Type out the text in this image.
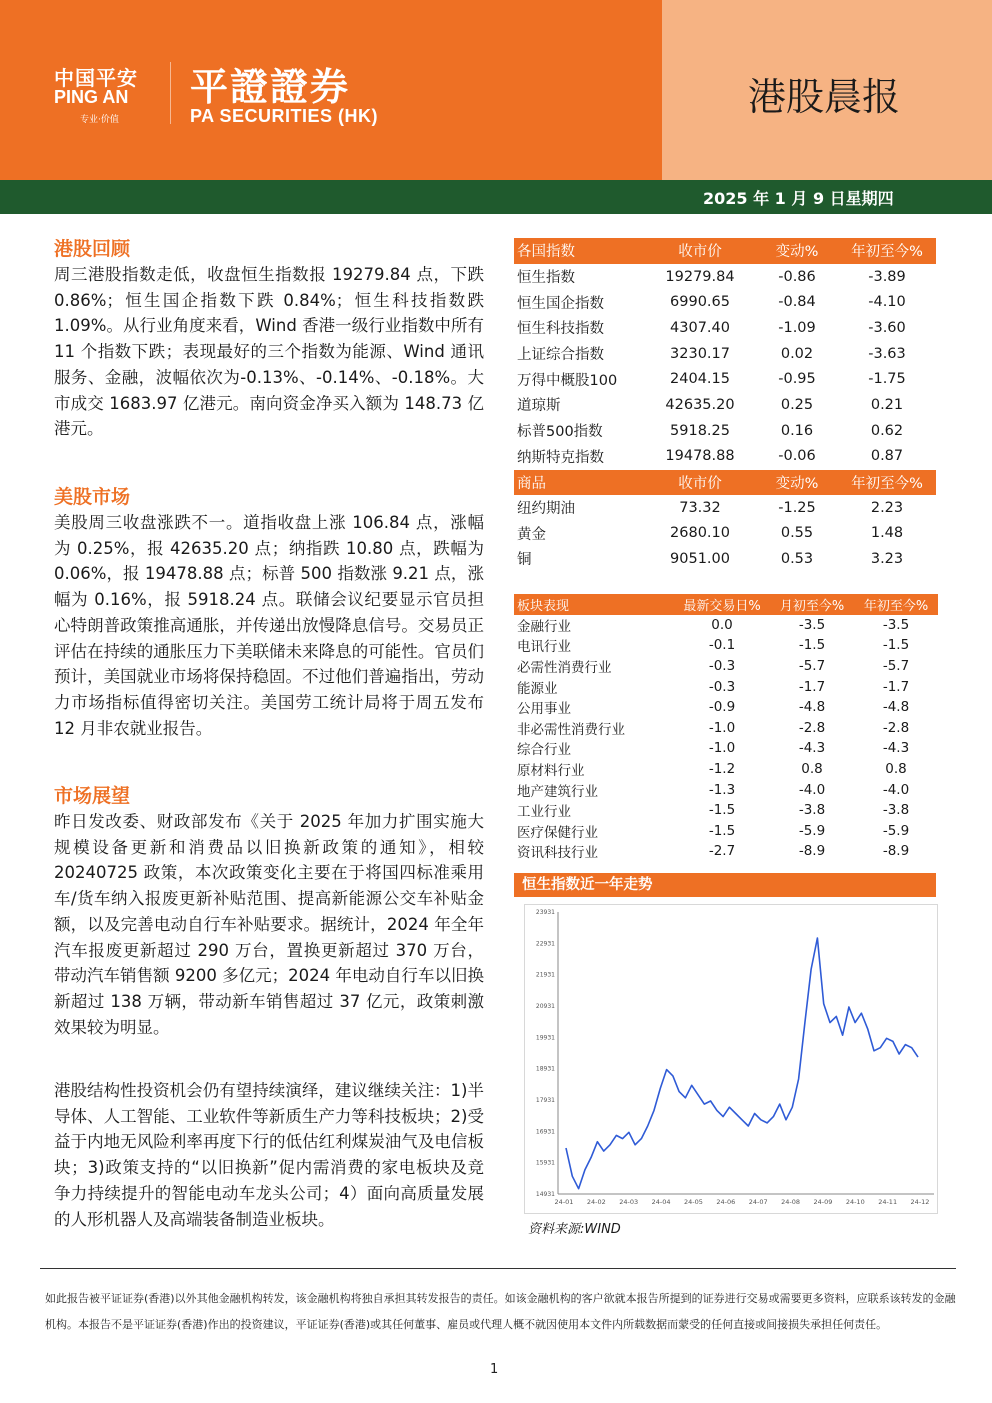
中国平安
PING AN
专业·价值
平證證券
PA SECURITIES (HK)	港股晨报
2025 年 1 月 9 日星期四
港股回顾
周三港股指数走低，收盘恒生指数报 19279.84 点，下跌 0.86%；恒生国企指数下跌 0.84%；恒生科技指数跌 1.09%。从行业角度来看，Wind 香港一级行业指数中所有 11 个指数下跌；表现最好的三个指数为能源、Wind 通讯服务、金融，波幅依次为-0.13%、-0.14%、-0.18%。大市成交 1683.97 亿港元。南向资金净买入额为 148.73 亿港元。
美股市场
美股周三收盘涨跌不一。道指收盘上涨 106.84 点，涨幅为 0.25%，报 42635.20 点；纳指跌 10.80 点，跌幅为 0.06%，报 19478.88 点；标普 500 指数涨 9.21 点，涨幅为 0.16%，报 5918.24 点。联储会议纪要显示官员担心特朗普政策推高通胀，并传递出放慢降息信号。交易员正评估在持续的通胀压力下美联储未来降息的可能性。官员们预计，美国就业市场将保持稳固。不过他们普遍指出，劳动力市场指标值得密切关注。美国劳工统计局将于周五发布 12 月非农就业报告。
市场展望
昨日发改委、财政部发布《关于 2025 年加力扩围实施大规模设备更新和消费品以旧换新政策的通知》，相较 20240725 政策，本次政策变化主要在于将国四标准乘用车/货车纳入报废更新补贴范围、提高新能源公交车补贴金额，以及完善电动自行车补贴要求。据统计，2024 年全年汽车报废更新超过 290 万台，置换更新超过 370 万台，带动汽车销售额 9200 多亿元；2024 年电动自行车以旧换新超过 138 万辆，带动新车销售超过 37 亿元，政策刺激效果较为明显。
港股结构性投资机会仍有望持续演绎，建议继续关注：1)半导体、人工智能、工业软件等新质生产力等科技板块；2)受益于内地无风险利率再度下行的低估红利煤炭油气及电信板块；3)政策支持的“以旧换新”促内需消费的家电板块及竞争力持续提升的智能电动车龙头公司；4）面向高质量发展的人形机器人及高端装备制造业板块。
各国指数	收市价	变动%	年初至今%
恒生指数	19279.84	-0.86	-3.89
恒生国企指数	6990.65	-0.84	-4.10
恒生科技指数	4307.40	-1.09	-3.60
上证综合指数	3230.17	0.02	-3.63
万得中概股100	2404.15	-0.95	-1.75
道琼斯	42635.20	0.25	0.21
标普500指数	5918.25	0.16	0.62
纳斯特克指数	19478.88	-0.06	0.87
商品	收市价	变动%	年初至今%
纽约期油	73.32	-1.25	2.23
黄金	2680.10	0.55	1.48
铜	9051.00	0.53	3.23
板块表现	最新交易日%	月初至今%	年初至今%
金融行业	0.0	-3.5	-3.5
电讯行业	-0.1	-1.5	-1.5
必需性消费行业	-0.3	-5.7	-5.7
能源业	-0.3	-1.7	-1.7
公用事业	-0.9	-4.8	-4.8
非必需性消费行业	-1.0	-2.8	-2.8
综合行业	-1.0	-4.3	-4.3
原材料行业	-1.2	0.8	0.8
地产建筑行业	-1.3	-4.0	-4.0
工业行业	-1.5	-3.8	-3.8
医疗保健行业	-1.5	-5.9	-5.9
资讯科技行业	-2.7	-8.9	-8.9
恒生指数近一年走势
14931
15931
16931
17931
18931
19931
20931
21931
22931
23931
24-01 24-02 24-03 24-04 24-05 24-06 24-07 24-08 24-09 24-10 24-11 24-12
资料来源:WIND
如此报告被平证证券(香港)以外其他金融机构转发，该金融机构将独自承担其转发报告的责任。如该金融机构的客户欲就本报告所提到的证券进行交易或需要更多资料，应联系该转发的金融机构。本报告不是平证证券(香港)作出的投资建议，平证证券(香港)或其任何董事、雇员或代理人概不就因使用本文件内所载数据而蒙受的任何直接或间接损失承担任何责任。
1
